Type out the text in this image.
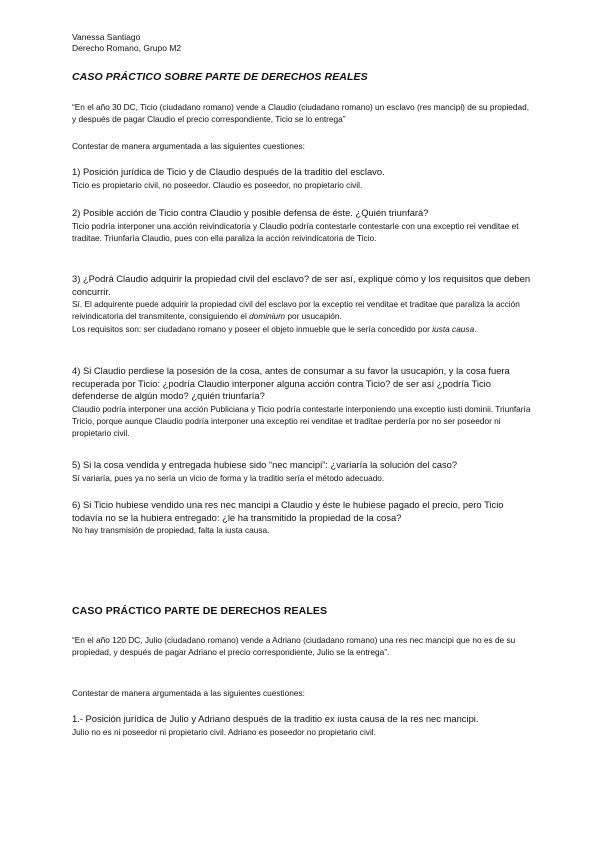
Vanessa Santiago
Derecho Romano, Grupo M2
CASO PRÁCTICO SOBRE PARTE DE DERECHOS REALES
“En el año 30 DC, Ticio (ciudadano romano) vende a Claudio (ciudadano romano) un esclavo (res mancipi) de su propiedad, y después de pagar Claudio el precio correspondiente, Ticio se lo entrega”
Contestar de manera argumentada a las siguientes cuestiones:
1) Posición jurídica de Ticio y de Claudio después de la traditio del esclavo.
Ticio es propietario civil, no poseedor. Claudio es poseedor, no propietario civil.
2) Posible acción de Ticio contra Claudio y posible defensa de éste. ¿Quién triunfará?
Ticio podría interponer una acción reivindicatoria y Claudio podría contestarle contestarle con una exceptio rei venditae et traditae. Triunfaría Claudio, pues con ella paraliza la acción reivindicatoria de Ticio.
3) ¿Podrá Claudio adquirir la propiedad civil del esclavo? de ser así, explique cómo y los requisitos que deben concurrir.
Sí. El adquirente puede adquirir la propiedad civil del esclavo por la exceptio rei venditae et traditae que paraliza la acción reivindicatoria del transmitente, consiguiendo el dominium por usucapión.
Los requisitos son: ser ciudadano romano y poseer el objeto inmueble que le sería concedido por iusta causa.
4) Si Claudio perdiese la posesión de la cosa, antes de consumar a su favor la usucapión, y la cosa fuera recuperada por Ticio: ¿podría Claudio interponer alguna acción contra Ticio? de ser así ¿podría Ticio defenderse de algún modo? ¿quién triunfaría?
Claudio podría interponer una acción Publiciana y Ticio podría contestarle interponiendo una exceptio iusti dominii. Triunfaría Tricio, porque aunque Claudio podría interponer una exceptio rei venditae et traditae perdería por no ser poseedor ni propietario civil.
5) Si la cosa vendida y entregada hubiese sido “nec mancipi”: ¿variaría la solución del caso?
Sí variaría, pues ya no sería un vicio de forma y la traditio sería el método adecuado.
6) Si Ticio hubiese vendido una res nec mancipi a Claudio y éste le hubiese pagado el precio, pero Ticio todavía no se la hubiera entregado: ¿le ha transmitido la propiedad de la cosa?
No hay transmisión de propiedad, falta la iusta causa.
CASO PRÁCTICO PARTE DE DERECHOS REALES
“En el año 120 DC, Julio (ciudadano romano) vende a Adriano (ciudadano romano) una res nec mancipi que no es de su propiedad, y después de pagar Adriano el precio correspondiente, Julio se la entrega”.
Contestar de manera argumentada a las siguientes cuestiones:
1.- Posición jurídica de Julio y Adriano después de la traditio ex iusta causa de la res nec mancipi.
Julio no es ni poseedor ni propietario civil. Adriano es poseedor no propietario civil.
